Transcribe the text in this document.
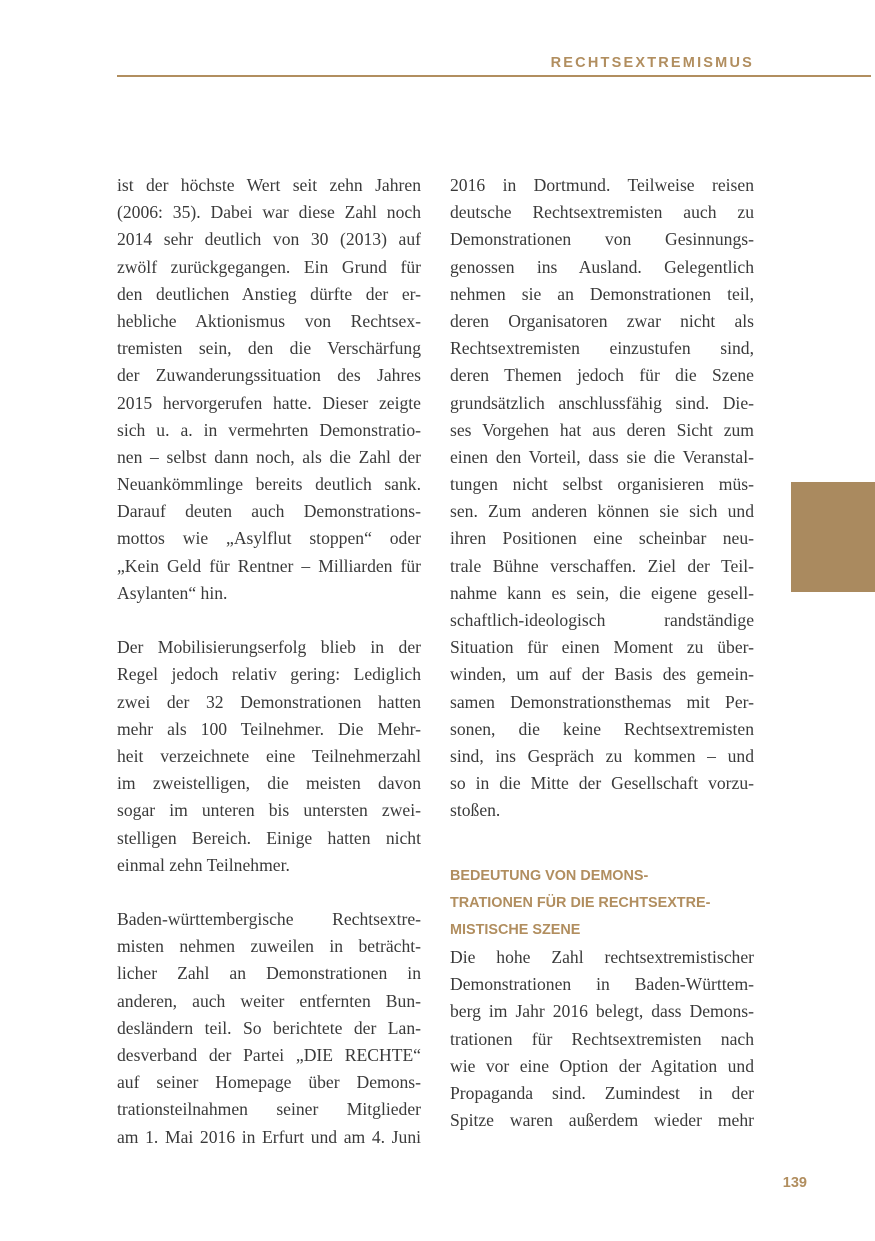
RECHTSEXTREMISMUS
ist der höchste Wert seit zehn Jahren
(2006: 35). Dabei war diese Zahl noch
2014 sehr deutlich von 30 (2013) auf
zwölf zurückgegangen. Ein Grund für
den deutlichen Anstieg dürfte der er-
hebliche Aktionismus von Rechtsex-
tremisten sein, den die Verschärfung
der Zuwanderungssituation des Jahres
2015 hervorgerufen hatte. Dieser zeigte
sich u. a. in vermehrten Demonstratio-
nen – selbst dann noch, als die Zahl der
Neuankömmlinge bereits deutlich sank.
Darauf deuten auch Demonstrations-
mottos wie „Asylflut stoppen“ oder
„Kein Geld für Rentner – Milliarden für
Asylanten“ hin.
Der Mobilisierungserfolg blieb in der
Regel jedoch relativ gering: Lediglich
zwei der 32 Demonstrationen hatten
mehr als 100 Teilnehmer. Die Mehr-
heit verzeichnete eine Teilnehmerzahl
im zweistelligen, die meisten davon
sogar im unteren bis untersten zwei-
stelligen Bereich. Einige hatten nicht
einmal zehn Teilnehmer.
Baden-württembergische Rechtsextre-
misten nehmen zuweilen in beträcht-
licher Zahl an Demonstrationen in
anderen, auch weiter entfernten Bun-
desländern teil. So berichtete der Lan-
desverband der Partei „DIE RECHTE“
auf seiner Homepage über Demons-
trationsteilnahmen seiner Mitglieder
am 1. Mai 2016 in Erfurt und am 4. Juni
2016 in Dortmund. Teilweise reisen
deutsche Rechtsextremisten auch zu
Demonstrationen von Gesinnungs-
genossen ins Ausland. Gelegentlich
nehmen sie an Demonstrationen teil,
deren Organisatoren zwar nicht als
Rechtsextremisten einzustufen sind,
deren Themen jedoch für die Szene
grundsätzlich anschlussfähig sind. Die-
ses Vorgehen hat aus deren Sicht zum
einen den Vorteil, dass sie die Veranstal-
tungen nicht selbst organisieren müs-
sen. Zum anderen können sie sich und
ihren Positionen eine scheinbar neu-
trale Bühne verschaffen. Ziel der Teil-
nahme kann es sein, die eigene gesell-
schaftlich-ideologisch randständige
Situation für einen Moment zu über-
winden, um auf der Basis des gemein-
samen Demonstrationsthemas mit Per-
sonen, die keine Rechtsextremisten
sind, ins Gespräch zu kommen – und
so in die Mitte der Gesellschaft vorzu-
stoßen.
BEDEUTUNG VON DEMONS-
TRATIONEN FÜR DIE RECHTSEXTRE-
MISTISCHE SZENE
Die hohe Zahl rechtsextremistischer
Demonstrationen in Baden-Württem-
berg im Jahr 2016 belegt, dass Demons-
trationen für Rechtsextremisten nach
wie vor eine Option der Agitation und
Propaganda sind. Zumindest in der
Spitze waren außerdem wieder mehr
139
